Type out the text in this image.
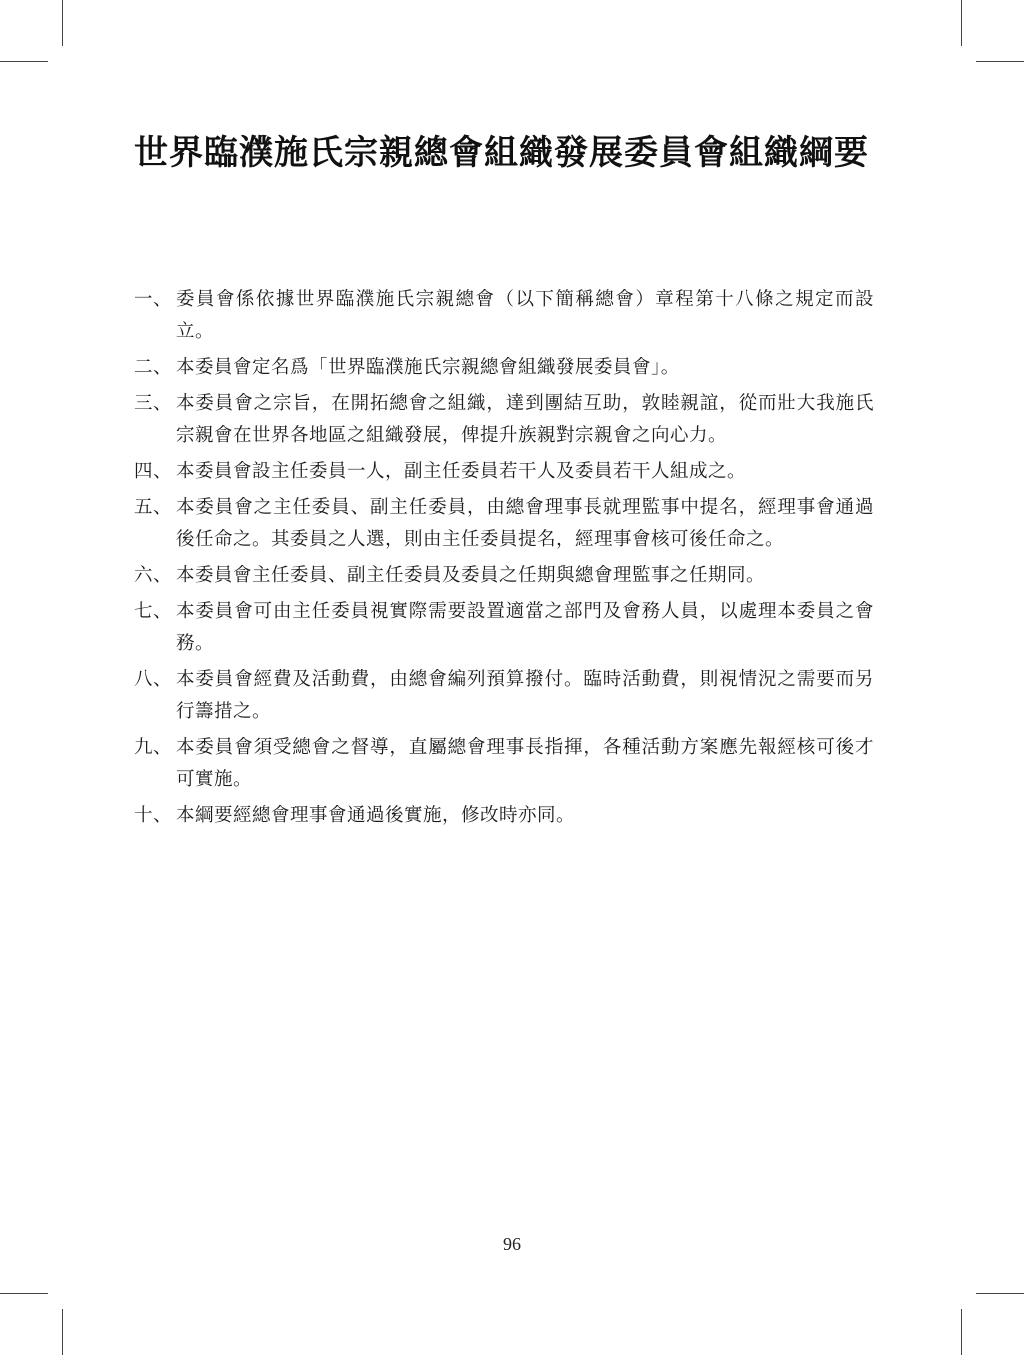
世界臨濮施氏宗親總會組織發展委員會組織綱要
一、 委員會係依據世界臨濮施氏宗親總會（以下簡稱總會）章程第十八條之規定而設立。
二、 本委員會定名爲「世界臨濮施氏宗親總會組織發展委員會」。
三、 本委員會之宗旨，在開拓總會之組織，達到團結互助，敦睦親誼，從而壯大我施氏宗親會在世界各地區之組織發展，俾提升族親對宗親會之向心力。
四、 本委員會設主任委員一人，副主任委員若干人及委員若干人組成之。
五、 本委員會之主任委員、副主任委員，由總會理事長就理監事中提名，經理事會通過後任命之。其委員之人選，則由主任委員提名，經理事會核可後任命之。
六、 本委員會主任委員、副主任委員及委員之任期與總會理監事之任期同。
七、 本委員會可由主任委員視實際需要設置適當之部門及會務人員，以處理本委員之會務。
八、 本委員會經費及活動費，由總會編列預算撥付。臨時活動費，則視情況之需要而另行籌措之。
九、 本委員會須受總會之督導，直屬總會理事長指揮，各種活動方案應先報經核可後才可實施。
十、 本綱要經總會理事會通過後實施，修改時亦同。
96
